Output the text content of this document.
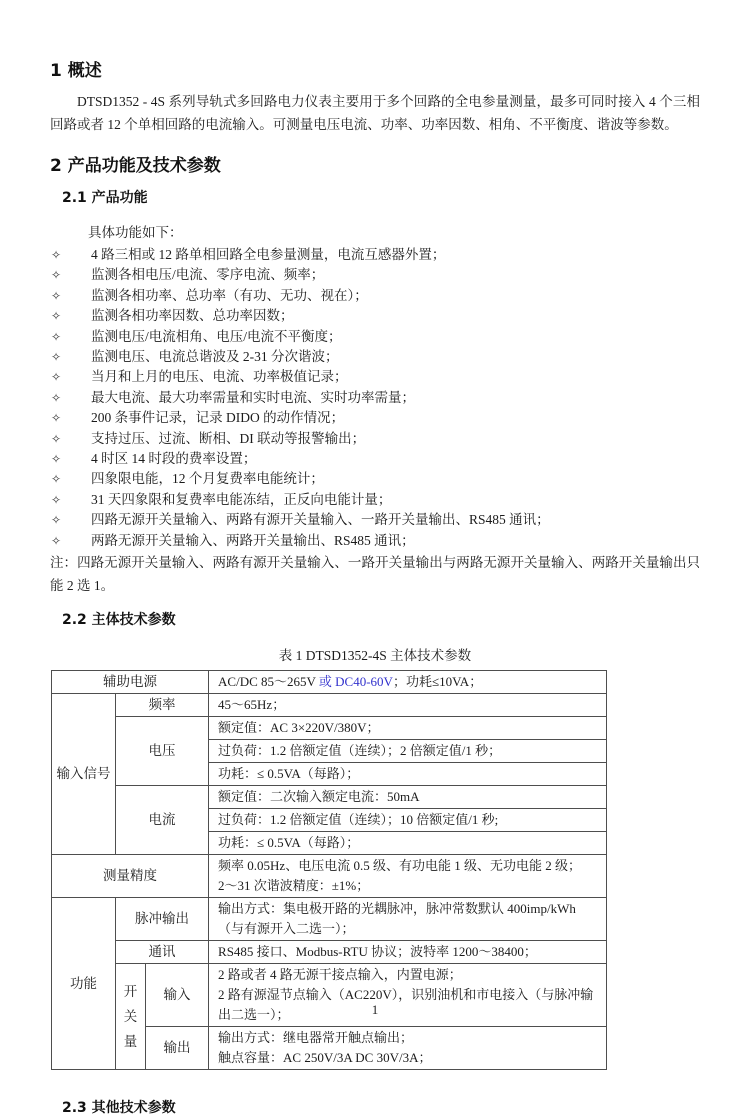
1 概述

DTSD1352 - 4S 系列导轨式多回路电力仪表主要用于多个回路的全电参量测量，最多可同时接入 4 个三相回路或者 12 个单相回路的电流输入。可测量电压电流、功率、功率因数、相角、不平衡度、谐波等参数。

2 产品功能及技术参数
2.1 产品功能

具体功能如下：

✧	4 路三相或 12 路单相回路全电参量测量，电流互感器外置；
✧	监测各相电压/电流、零序电流、频率；
✧	监测各相功率、总功率（有功、无功、视在）；
✧	监测各相功率因数、总功率因数；
✧	监测电压/电流相角、电压/电流不平衡度；
✧	监测电压、电流总谐波及 2-31 分次谐波；
✧	当月和上月的电压、电流、功率极值记录；
✧	最大电流、最大功率需量和实时电流、实时功率需量；
✧	200 条事件记录，记录 DIDO 的动作情况；
✧	支持过压、过流、断相、DI 联动等报警输出；
✧	4 时区 14 时段的费率设置；
✧	四象限电能，12 个月复费率电能统计；
✧	31 天四象限和复费率电能冻结，正反向电能计量；
✧	四路无源开关量输入、两路有源开关量输入、一路开关量输出、RS485 通讯；
✧	两路无源开关量输入、两路开关量输出、RS485 通讯；

注：四路无源开关量输入、两路有源开关量输入、一路开关量输出与两路无源开关量输入、两路开关量输出只能 2 选 1。

2.2 主体技术参数

表 1 DTSD1352-4S 主体技术参数

辅助电源			AC/DC 85～265V 或 DC40-60V；功耗≤10VA；
输入信号	频率		45～65Hz；
	电压		额定值：AC 3×220V/380V；
			过负荷：1.2 倍额定值（连续）；2 倍额定值/1 秒；
			功耗：≤ 0.5VA（每路）；
	电流		额定值：二次输入额定电流：50mA
			过负荷：1.2 倍额定值（连续）；10 倍额定值/1 秒;
			功耗：≤ 0.5VA（每路）；
测量精度			频率 0.05Hz、电压电流 0.5 级、有功电能 1 级、无功电能 2 级；
2～31 次谐波精度：±1%；

功能	脉冲输出		输出方式：集电极开路的光耦脉冲，脉冲常数默认 400imp/kWh（与有源开入二选一）；
	通讯		RS485 接口、Modbus-RTU 协议；波特率 1200～38400；

	开关量	输入	2 路或者 4 路无源干接点输入，内置电源；
2 路有源湿节点输入（AC220V），识别油机和市电接入（与脉冲输出二选一）；

		输出	输出方式：继电器常开触点输出；
触点容量：AC 250V/3A DC 30V/3A；
2.3 其他技术参数
1
